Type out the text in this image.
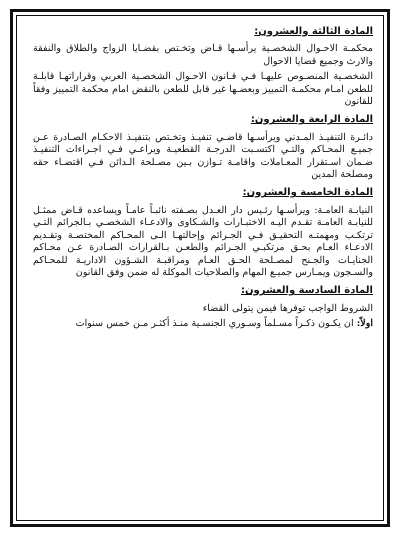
المادة الثالثة والعشرون:
محكمـة الاحـوال الشخصـية يرأسـها قـاض وتخـتص بقضـايا الزواج والطلاق والنفقة والارث وجميع قضايا الاحوال
الشخصـية المنصـوص عليهـا فـي قـانون الاحـوال الشخصـية العربي وقراراتهـا قابلـة للطعن امـام محكمـة التمييز وبعضـها غير قابل للطعن بالنقض امام محكمة التمييز وفقاً للقانون
المادة الرابعة والعشرون:
دائـرة التنفيـذ المـدني ويرأسـها قاضـي تنفيـذ وتخـتص بتنفيـذ الاحكـام الصـادرة عـن جميـع المحـاكم والتـي اكتسـبت الدرجـة القطعيـة ويراعـي فـي اجـراءات التنفيـذ ضـمان اسـتقرار المعـاملات واقامـة تـوازن بـين مصـلحة الـدائن فـي اقتضـاء حقه ومصلحة المدين
المادة الخامسة والعشرون:
النيابـة العامـة: ويرأسـها رئـيس دار العـدل بصـفته نائبـاً عامـاً ويساعده قـاض ممثـل للنيابـة العامـة تقـدم اليـه الاختبـارات والشـكاوى والادعـاء الشخصـي بـالجرائم التـي ترتكـب ومهمتـه التحقيـق فـي الجـرائم وإحالتهـا الـى المحـاكم المختصـة وتقـديم الادعـاء العـام بحـق مرتكبـي الجـرائم والطعـن بـالقرارات الصـادرة عـن محـاكم الجنايـات والجـنح لمصـلحة الحـق العـام ومراقبـة الشـؤون الاداريـة للمحـاكم والسـجون ويمـارس جميـع المهام والصلاحيات الموكلة له ضمن وفق القانون
المادة السادسة والعشرون:
الشروط الواجب توفرها فيمن يتولى القضاء
اولاً: ان يكـون ذكـراً مسـلماً وسـوري الجنسـية منـذ أكثـر مـن خمس سنوات
